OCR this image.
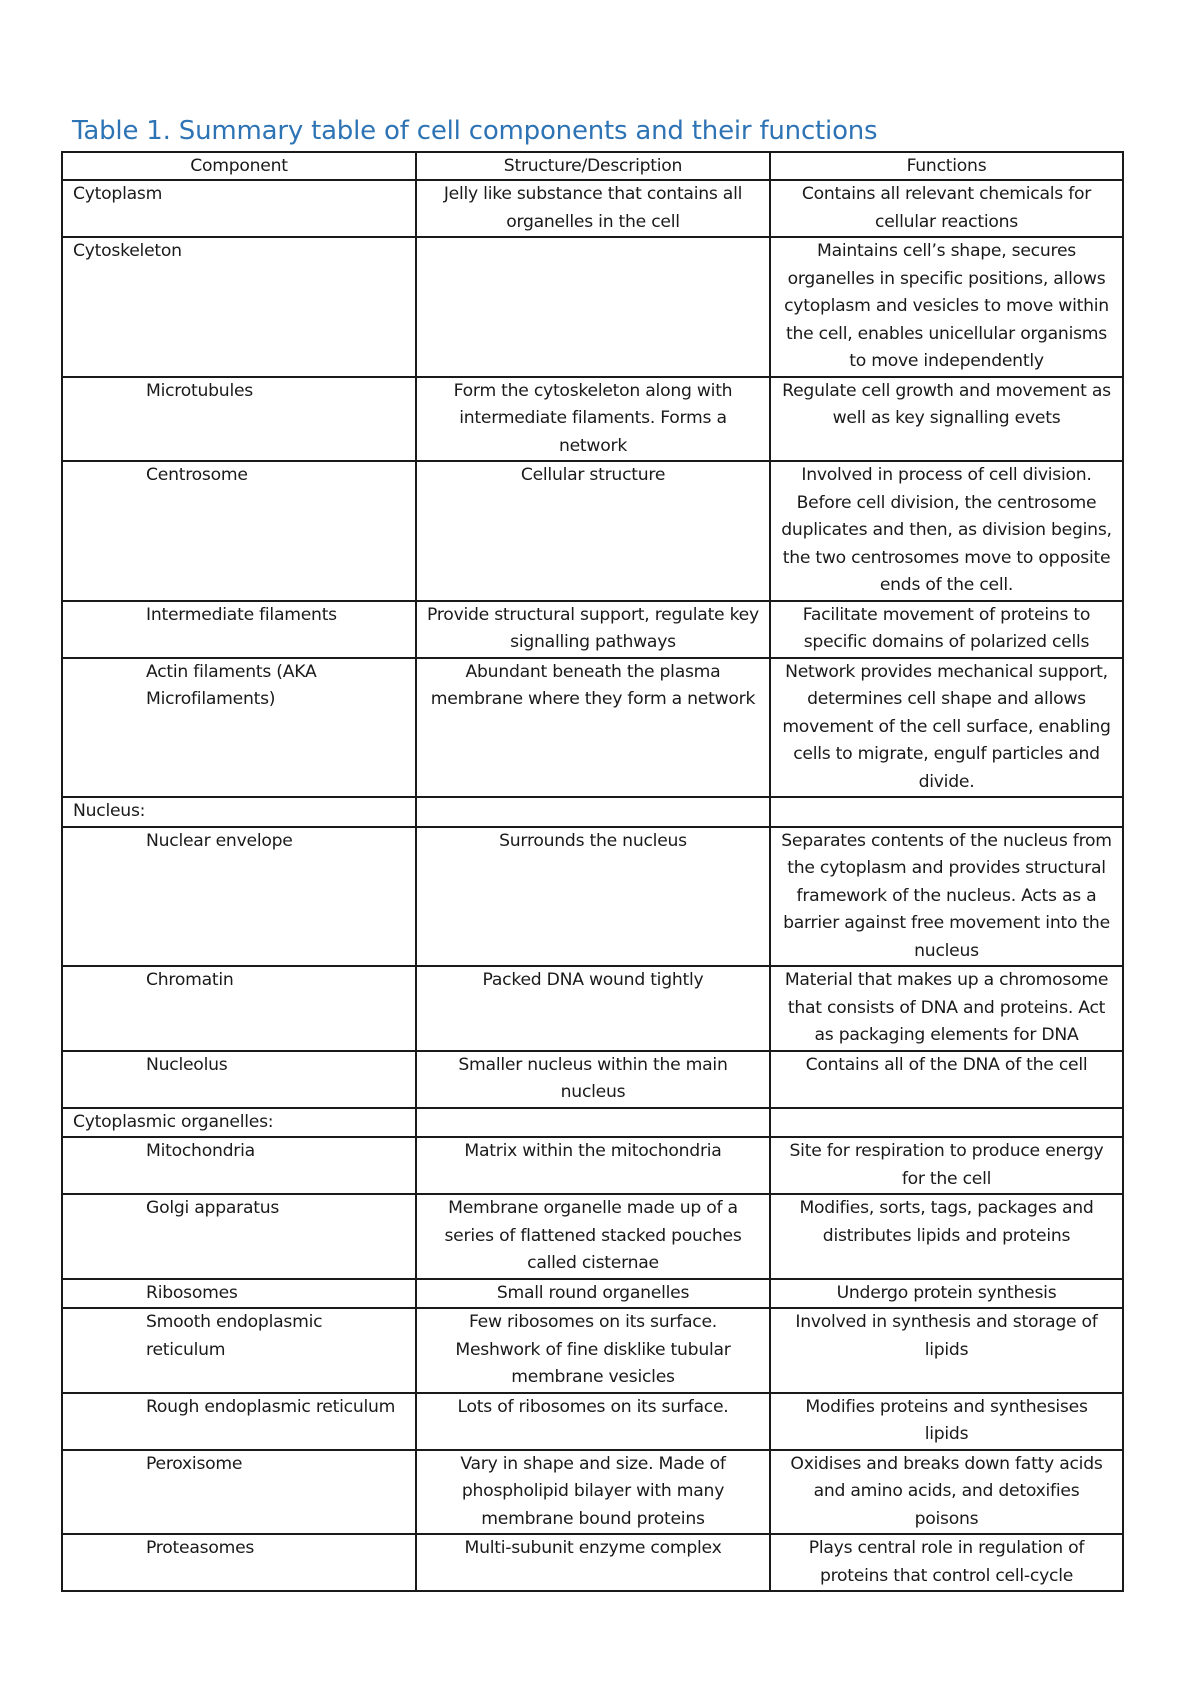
Table 1. Summary table of cell components and their functions
Component	Structure/Description	Functions
Cytoplasm	Jelly like substance that contains all organelles in the cell	Contains all relevant chemicals for cellular reactions
Cytoskeleton		Maintains cell’s shape, secures organelles in specific positions, allows cytoplasm and vesicles to move within the cell, enables unicellular organisms to move independently
Microtubules	Form the cytoskeleton along with intermediate filaments. Forms a network	Regulate cell growth and movement as well as key signalling evets
Centrosome	Cellular structure	Involved in process of cell division. Before cell division, the centrosome duplicates and then, as division begins, the two centrosomes move to opposite ends of the cell.
Intermediate filaments	Provide structural support, regulate key signalling pathways	Facilitate movement of proteins to specific domains of polarized cells
Actin filaments (AKA Microfilaments)	Abundant beneath the plasma membrane where they form a network	Network provides mechanical support, determines cell shape and allows movement of the cell surface, enabling cells to migrate, engulf particles and divide.
Nucleus:		
Nuclear envelope	Surrounds the nucleus	Separates contents of the nucleus from the cytoplasm and provides structural framework of the nucleus. Acts as a barrier against free movement into the nucleus
Chromatin	Packed DNA wound tightly	Material that makes up a chromosome that consists of DNA and proteins. Act as packaging elements for DNA
Nucleolus	Smaller nucleus within the main nucleus	Contains all of the DNA of the cell
Cytoplasmic organelles:		
Mitochondria	Matrix within the mitochondria	Site for respiration to produce energy for the cell
Golgi apparatus	Membrane organelle made up of a series of flattened stacked pouches called cisternae	Modifies, sorts, tags, packages and distributes lipids and proteins
Ribosomes	Small round organelles	Undergo protein synthesis
Smooth endoplasmic reticulum	Few ribosomes on its surface. Meshwork of fine disklike tubular membrane vesicles	Involved in synthesis and storage of lipids
Rough endoplasmic reticulum	Lots of ribosomes on its surface.	Modifies proteins and synthesises lipids
Peroxisome	Vary in shape and size. Made of phospholipid bilayer with many membrane bound proteins	Oxidises and breaks down fatty acids and amino acids, and detoxifies poisons
Proteasomes	Multi-subunit enzyme complex	Plays central role in regulation of proteins that control cell-cycle
